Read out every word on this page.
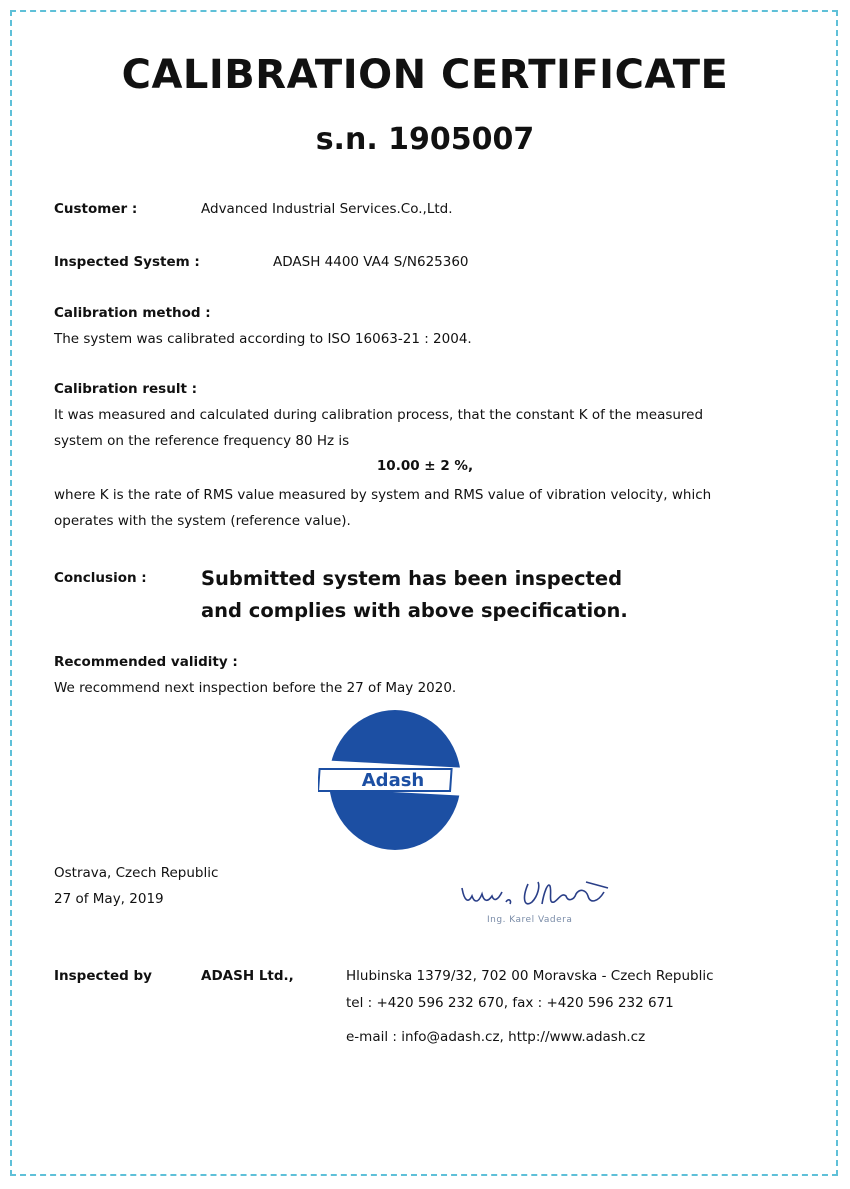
CALIBRATION CERTIFICATE
s.n. 1905007
Customer :	Advanced Industrial Services.Co.,Ltd.
Inspected System :	ADASH 4400 VA4 S/N625360
Calibration method :
The system was calibrated according to ISO 16063-21 : 2004.
Calibration result :
It was measured and calculated during calibration process, that the constant K of the measured
system on the reference frequency 80 Hz is
10.00 ± 2 %,
where K is the rate of RMS value measured by system and RMS value of vibration velocity, which
operates with the system (reference value).
Conclusion :	Submitted system has been inspected
and complies with above specification.
Recommended validity :
We recommend next inspection before the 27 of May 2020.
Adash
Ostrava, Czech Republic
27 of May, 2019
Ing. Karel Vadera
Inspected by	ADASH Ltd.,	Hlubinska 1379/32, 702 00 Moravska - Czech Republic
tel : +420 596 232 670, fax : +420 596 232 671
e-mail : info@adash.cz, http://www.adash.cz
